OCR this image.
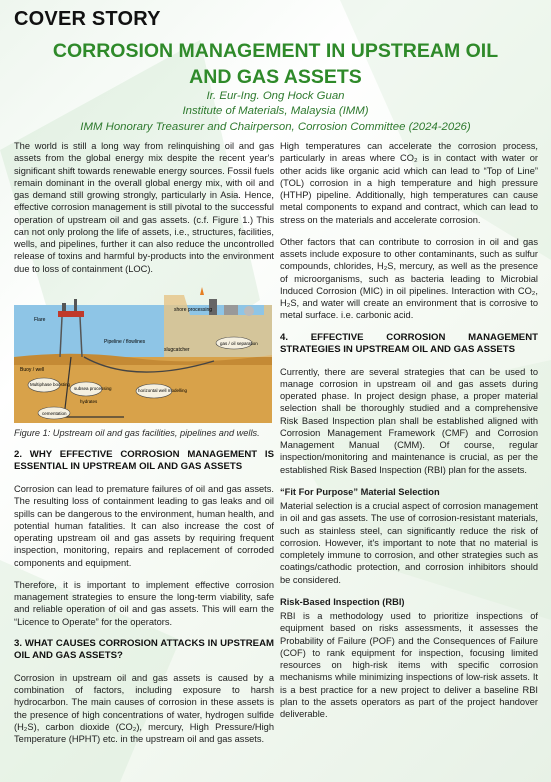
COVER STORY
CORROSION MANAGEMENT IN UPSTREAM OIL
AND GAS ASSETS
Ir. Eur-Ing. Ong Hock Guan
Institute of Materials, Malaysia (IMM)
IMM Honorary Treasurer and Chairperson, Corrosion Committee (2024-2026)

The world is still a long way from relinquishing oil and gas assets from the global energy mix despite the recent year's significant shift towards renewable energy sources. Fossil fuels remain dominant in the overall global energy mix, with oil and gas demand still growing strongly, particularly in Asia. Hence, effective corrosion management is still pivotal to the successful operation of upstream oil and gas assets. (c.f. Figure 1.) This can not only prolong the life of assets, i.e., structures, facilities, wells, and pipelines, further it can also reduce the uncontrolled release of toxins and harmful by-products into the environment due to loss of containment (LOC).

Flare
Pipeline / flowlines
Buoy / well
shore processing
gas / oil separation
Multiphase boosting
subsea processing
hydrates
horizontal well modelling
cementation
slugcatcher
Figure 1: Upstream oil and gas facilities, pipelines and wells.
2. WHY EFFECTIVE CORROSION MANAGEMENT IS ESSENTIAL IN UPSTREAM OIL AND GAS ASSETS

Corrosion can lead to premature failures of oil and gas assets. The resulting loss of containment leading to gas leaks and oil spills can be dangerous to the environment, human health, and potential human fatalities. It can also increase the cost of operating upstream oil and gas assets by requiring frequent inspection, monitoring, repairs and replacement of corroded components and equipment.

Therefore, it is important to implement effective corrosion management strategies to ensure the long-term viability, safe and reliable operation of oil and gas assets. This will earn the “Licence to Operate” for the operators.

3. WHAT CAUSES CORROSION ATTACKS IN UPSTREAM OIL AND GAS ASSETS?

Corrosion in upstream oil and gas assets is caused by a combination of factors, including exposure to harsh hydrocarbon. The main causes of corrosion in these assets is the presence of high concentrations of water, hydrogen sulfide (H₂S), carbon dioxide (CO₂), mercury, High Pressure/High Temperature (HPHT) etc. in the upstream oil and gas assets.

High temperatures can accelerate the corrosion process, particularly in areas where CO₂ is in contact with water or other acids like organic acid which can lead to “Top of Line” (TOL) corrosion in a high temperature and high pressure (HTHP) pipeline. Additionally, high temperatures can cause metal components to expand and contract, which can lead to stress on the materials and accelerate corrosion.

Other factors that can contribute to corrosion in oil and gas assets include exposure to other contaminants, such as sulfur compounds, chlorides, H₂S, mercury, as well as the presence of microorganisms, such as bacteria leading to Microbial Induced Corrosion (MIC) in oil pipelines. Interaction with CO₂, H₂S, and water will create an environment that is corrosive to metal surface. i.e. carbonic acid.

4. EFFECTIVE CORROSION MANAGEMENT STRATEGIES IN UPSTREAM OIL AND GAS ASSETS

Currently, there are several strategies that can be used to manage corrosion in upstream oil and gas assets during operated phase. In project design phase, a proper material selection shall be thoroughly studied and a comprehensive Risk Based Inspection plan shall be established aligned with Corrosion Management Framework (CMF) and Corrosion Management Manual (CMM). Of course, regular inspection/monitoring and maintenance is crucial, as per the established Risk Based Inspection (RBI) plan for the assets.

“Fit For Purpose” Material Selection

Material selection is a crucial aspect of corrosion management in oil and gas assets. The use of corrosion-resistant materials, such as stainless steel, can significantly reduce the risk of corrosion. However, it's important to note that no material is completely immune to corrosion, and other strategies such as coatings/cathodic protection, and corrosion inhibitors should be considered.

Risk-Based Inspection (RBI)

RBI is a methodology used to prioritize inspections of equipment based on risks assessments, it assesses the Probability of Failure (POF) and the Consequences of Failure (COF) to rank equipment for inspection, focusing limited resources on high-risk items with specific corrosion mechanisms while minimizing inspections of low-risk assets. It is a best practice for a new project to deliver a baseline RBI plan to the assets operators as part of the project handover deliverable.
